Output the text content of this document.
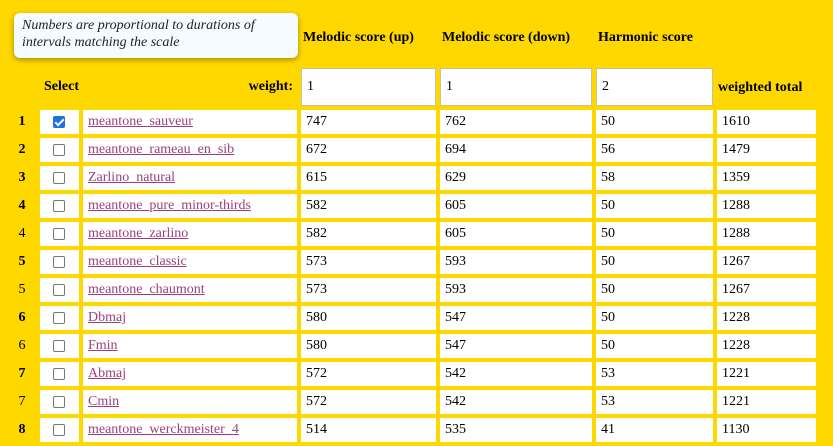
Numbers are proportional to durations of intervals matching the scale			Melodic score (up)	Melodic score (down)	Harmonic score	
	Select	weight:	1	1	2	weighted total
1		meantone_sauveur	747	762	50	1610
2		meantone_rameau_en_sib	672	694	56	1479
3		Zarlino_natural	615	629	58	1359
4		meantone_pure_minor-thirds	582	605	50	1288
4		meantone_zarlino	582	605	50	1288
5		meantone_classic	573	593	50	1267
5		meantone_chaumont	573	593	50	1267
6		Dbmaj	580	547	50	1228
6		Fmin	580	547	50	1228
7		Abmaj	572	542	53	1221
7		Cmin	572	542	53	1221
8		meantone_werckmeister_4	514	535	41	1130
